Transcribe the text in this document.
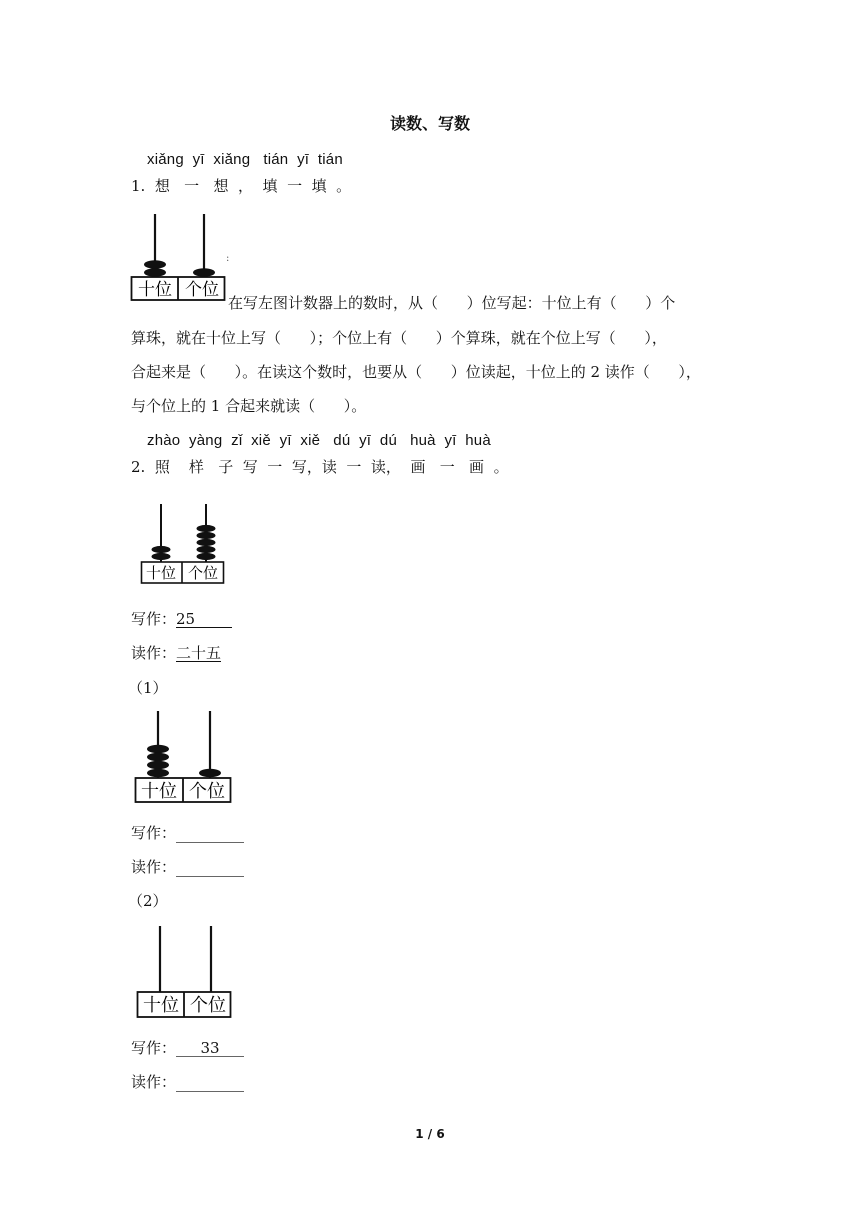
读数、写数
xiǎng  yī  xiǎng   tián  yī  tián
1.  想   一   想  ，  填  一  填  。
十位 个位
:
在写左图计数器上的数时，从（      ）位写起：十位上有（      ）个
算珠，就在十位上写（      ）；个位上有（      ）个算珠，就在个位上写（      ），
合起来是（      ）。在读这个数时，也要从（      ）位读起，十位上的 2 读作（      ），
与个位上的 1 合起来就读（      ）。
zhào  yàng  zǐ  xiě  yī  xiě   dú  yī  dú   huà  yī  huà
2.  照    样   子  写  一  写，读  一  读，  画   一   画  。
十位 个位
写作：25
读作：二十五
（1）
十位 个位
写作：
读作：
（2）
十位 个位
写作： 33
读作：
1 / 6
